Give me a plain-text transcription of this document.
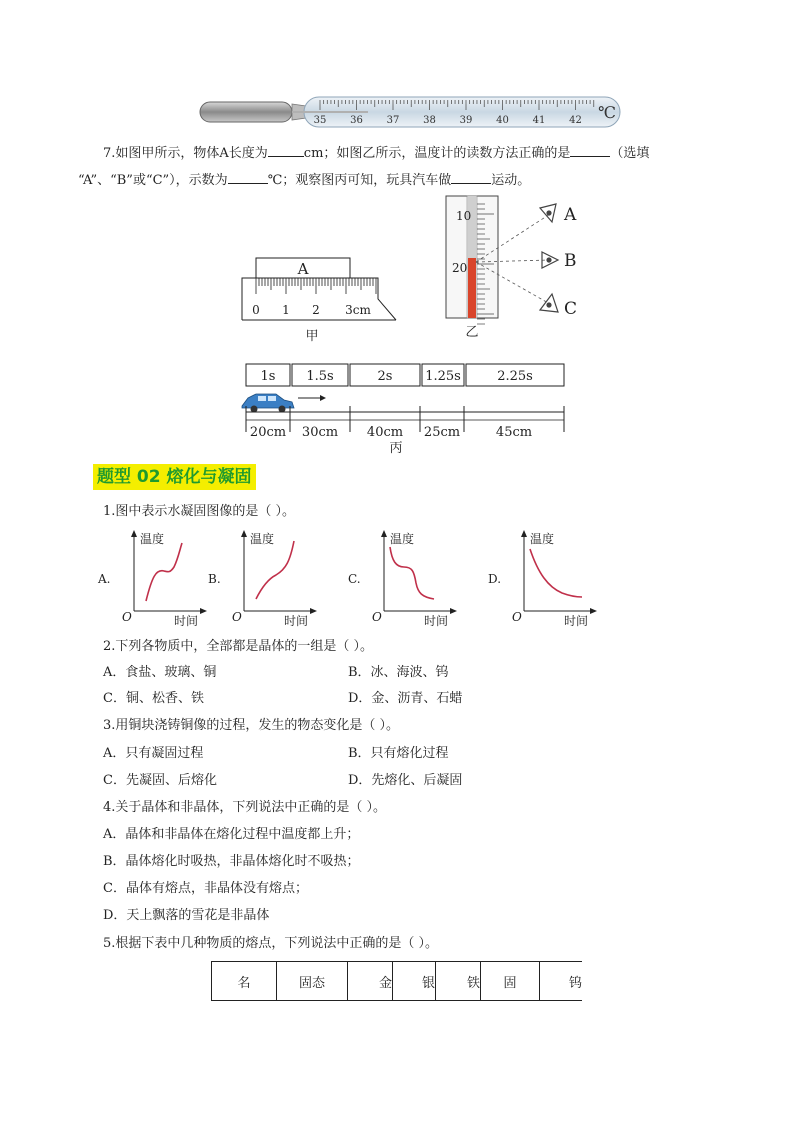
35 36 37 38 39 40 41 42 ℃
7.如图甲所示，物体A长度为	cm；如图乙所示，温度计的读数方法正确的是	（选填
“A”、“B”或“C”），示数为	℃；观察图丙可知，玩具汽车做	运动。
A
0 1 2 3cm
甲
10
20
A
B
C
乙
1s 1.5s	2s	1.25s	2.25s
20cm 30cm 40cm 25cm	45cm
丙
题型 02 熔化与凝固
1.图中表示水凝固图像的是（ ）。
A.
温度
时间
O
B.
温度
时间
O
C.
温度
时间
O
D.
温度
时间
O
2.下列各物质中，全部都是晶体的一组是（ ）。
A．食盐、玻璃、铜	B．冰、海波、钨
C．铜、松香、铁	D．金、沥青、石蜡
3.用铜块浇铸铜像的过程，发生的物态变化是（ ）。
A．只有凝固过程	B．只有熔化过程
C．先凝固、后熔化	D．先熔化、后凝固
4.关于晶体和非晶体，下列说法中正确的是（ ）。
A．晶体和非晶体在熔化过程中温度都上升；
B．晶体熔化时吸热，非晶体熔化时不吸热；
C．晶体有熔点，非晶体没有熔点；
D．天上飘落的雪花是非晶体
5.根据下表中几种物质的熔点，下列说法中正确的是（ ）。
名	固态	金	银	铁	固	钨
